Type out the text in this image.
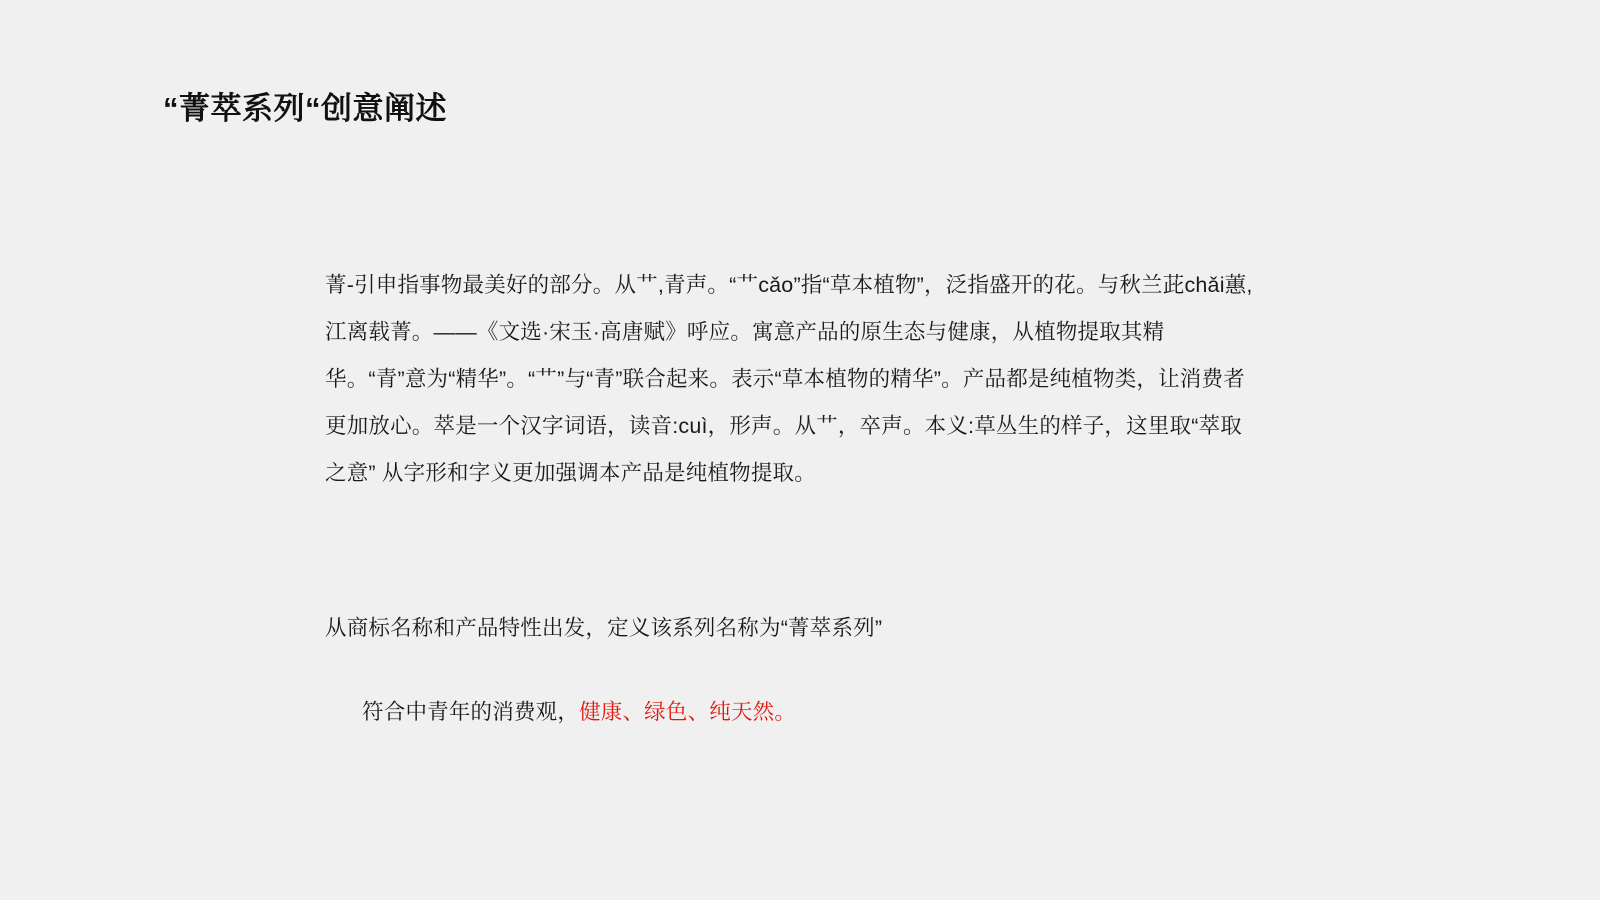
“菁萃系列“创意阐述
菁-引申指事物最美好的部分。从艹,青声。“艹cǎo”指“草本植物”，泛指盛开的花。与秋兰茈chǎi蕙,江离载菁。——《文选·宋玉·高唐赋》呼应。寓意产品的原生态与健康，从植物提取其精华。“青”意为“精华”。“艹”与“青”联合起来。表示“草本植物的精华”。产品都是纯植物类，让消费者更加放心。萃是一个汉字词语，读音:cuì，形声。从艹，卒声。本义:草丛生的样子，这里取“萃取之意” 从字形和字义更加强调本产品是纯植物提取。
从商标名称和产品特性出发，定义该系列名称为“菁萃系列”

符合中青年的消费观，健康、绿色、纯天然。
